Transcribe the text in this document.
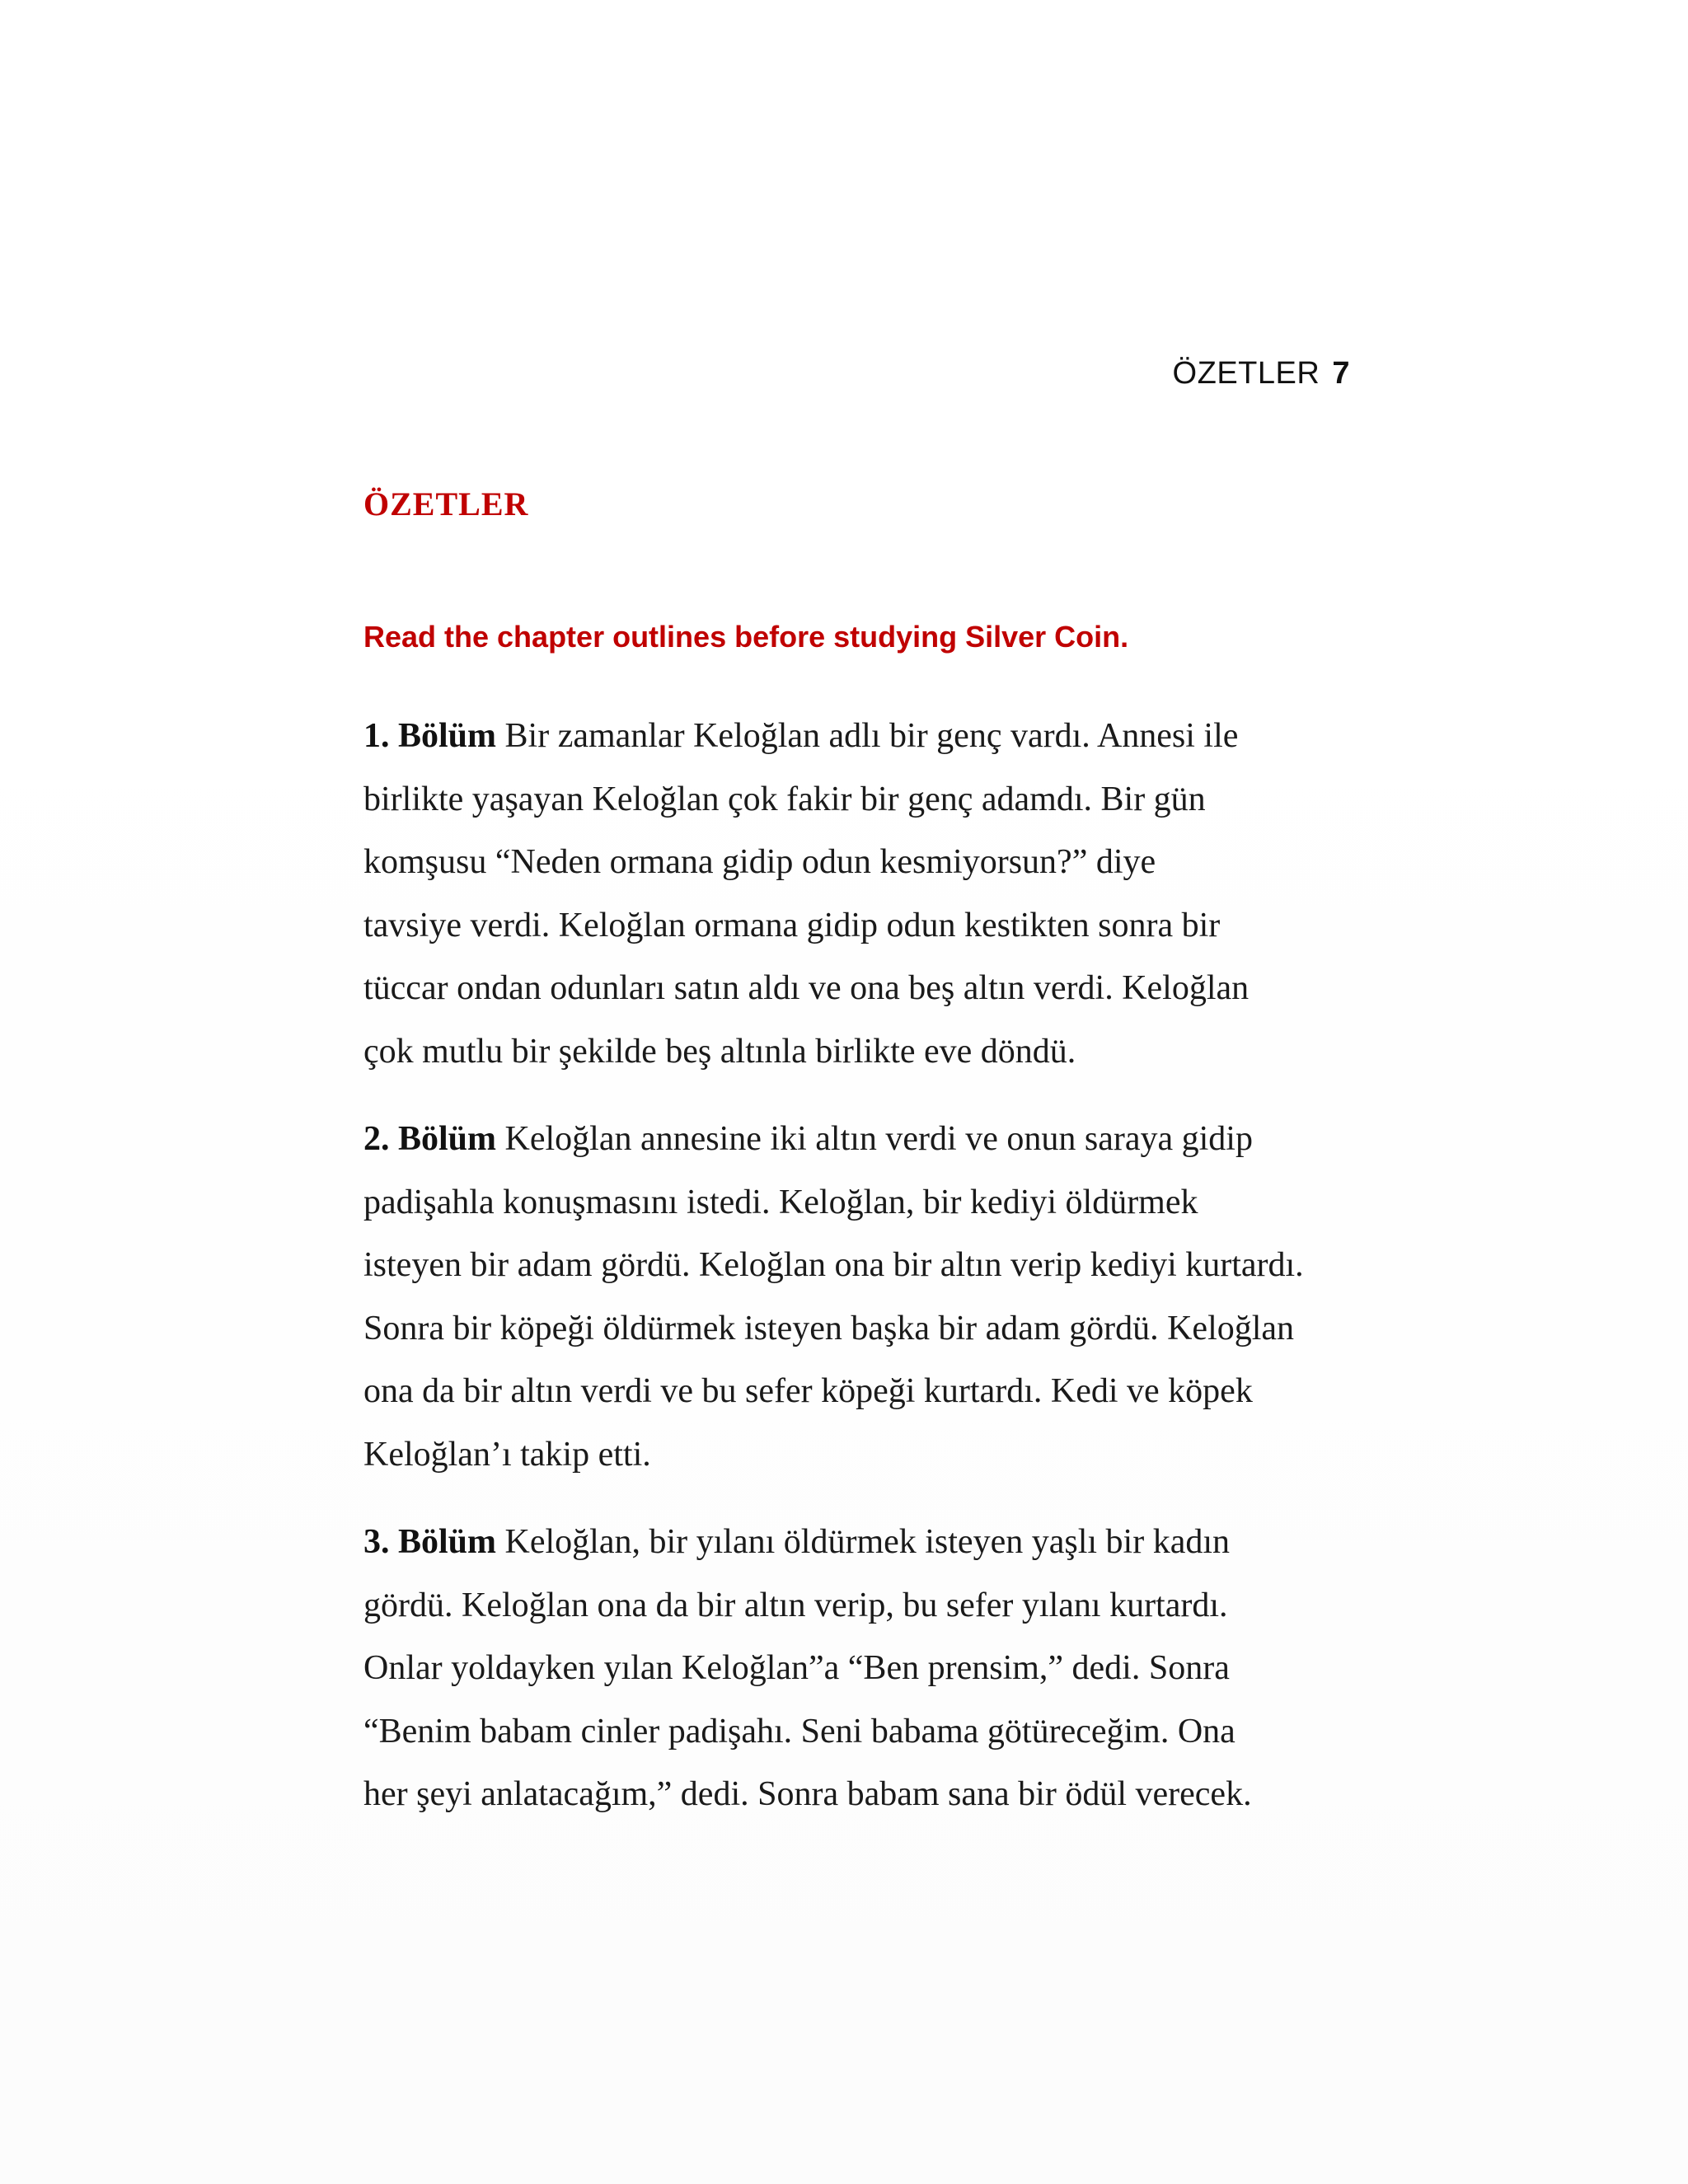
ÖZETLER 7
ÖZETLER
Read the chapter outlines before studying Silver Coin.

1. Bölüm Bir zamanlar Keloğlan adlı bir genç vardı. Annesi ile
birlikte yaşayan Keloğlan çok fakir bir genç adamdı. Bir gün
komşusu “Neden ormana gidip odun kesmiyorsun?” diye
tavsiye verdi. Keloğlan ormana gidip odun kestikten sonra bir
tüccar ondan odunları satın aldı ve ona beş altın verdi. Keloğlan
çok mutlu bir şekilde beş altınla birlikte eve döndü.

2. Bölüm Keloğlan annesine iki altın verdi ve onun saraya gidip
padişahla konuşmasını istedi. Keloğlan, bir kediyi öldürmek
isteyen bir adam gördü. Keloğlan ona bir altın verip kediyi kurtardı.
Sonra bir köpeği öldürmek isteyen başka bir adam gördü. Keloğlan
ona da bir altın verdi ve bu sefer köpeği kurtardı. Kedi ve köpek
Keloğlan’ı takip etti.

3. Bölüm Keloğlan, bir yılanı öldürmek isteyen yaşlı bir kadın
gördü. Keloğlan ona da bir altın verip, bu sefer yılanı kurtardı.
Onlar yoldayken yılan Keloğlan”a “Ben prensim,” dedi. Sonra
“Benim babam cinler padişahı. Seni babama götüreceğim. Ona
her şeyi anlatacağım,” dedi. Sonra babam sana bir ödül verecek.
